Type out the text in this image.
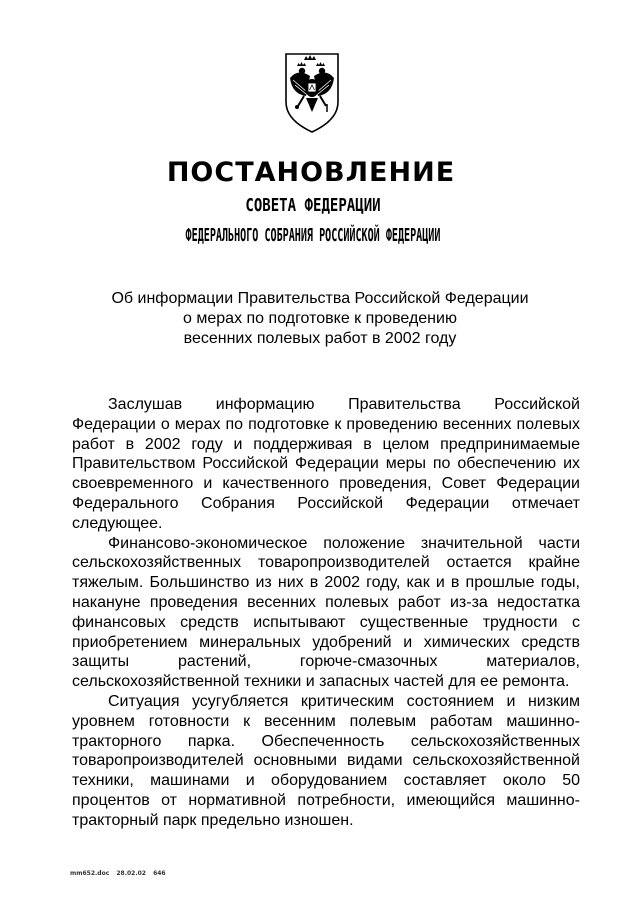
ПОСТАНОВЛЕНИЕ
СОВЕТА ФЕДЕРАЦИИ
ФЕДЕРАЛЬНОГО СОБРАНИЯ РОССИЙСКОЙ ФЕДЕРАЦИИ
Об информации Правительства Российской Федерации
о мерах по подготовке к проведению
весенних полевых работ в 2002 году

Заслушав информацию Правительства Российской Федерации о мерах по подготовке к проведению весенних полевых работ в 2002 году и поддерживая в целом предпринимаемые Правительством Российской Федерации меры по обеспечению их своевременного и качественного проведения, Совет Федерации Федерального Собрания Российской Федерации отмечает следующее.

Финансово-экономическое положение значительной части сельскохозяйственных товаропроизводителей остается крайне тяжелым. Большинство из них в 2002 году, как и в прошлые годы, накануне проведения весенних полевых работ из-за недостатка финансовых средств испытывают существенные трудности с приобретением минеральных удобрений и химических средств защиты растений, горюче-смазочных материалов, сельскохозяйственной техники и запасных частей для ее ремонта.

Ситуация усугубляется критическим состоянием и низким уровнем готовности к весенним полевым работам машинно-тракторного парка. Обеспеченность сельскохозяйственных товаропроизводителей основными видами сельскохозяйственной техники, машинами и оборудованием составляет около 50 процентов от нормативной потребности, имеющийся машинно-тракторный парк предельно изношен.

mm652.doc 28.02.02 646
